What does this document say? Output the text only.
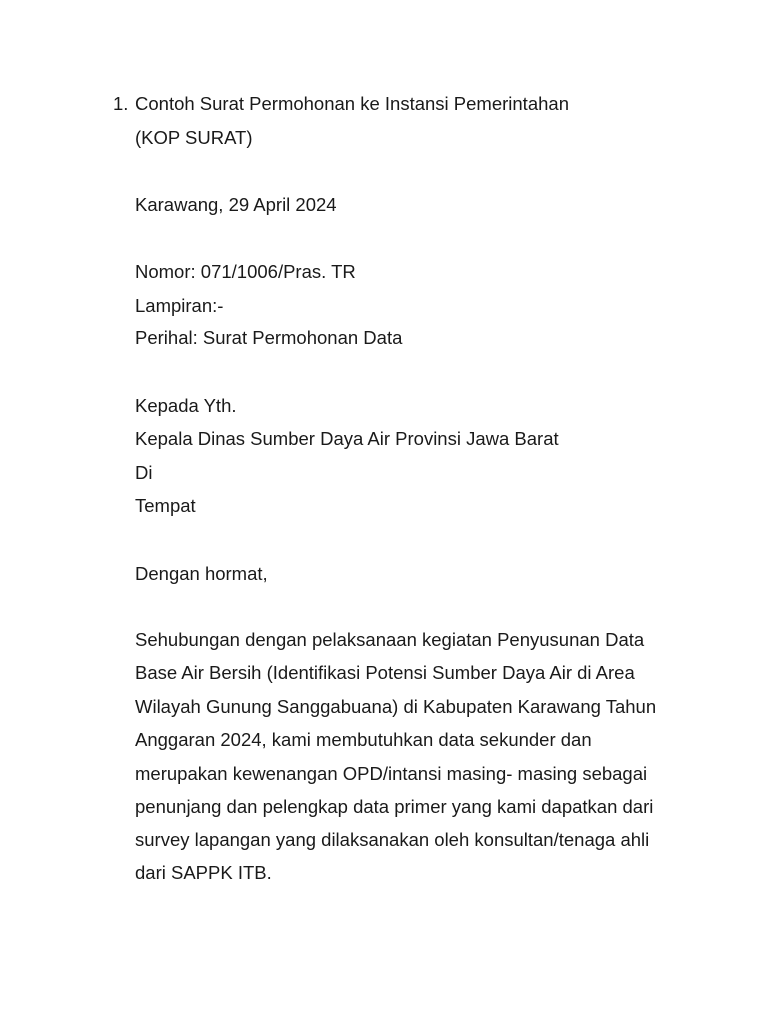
1. Contoh Surat Permohonan ke Instansi Pemerintahan
(KOP SURAT)
Karawang, 29 April 2024
Nomor: 071/1006/Pras. TR
Lampiran:-
Perihal: Surat Permohonan Data
Kepada Yth.
Kepala Dinas Sumber Daya Air Provinsi Jawa Barat
Di
Tempat
Dengan hormat,
Sehubungan dengan pelaksanaan kegiatan Penyusunan Data
Base Air Bersih (Identifikasi Potensi Sumber Daya Air di Area
Wilayah Gunung Sanggabuana) di Kabupaten Karawang Tahun
Anggaran 2024, kami membutuhkan data sekunder dan
merupakan kewenangan OPD/intansi masing- masing sebagai
penunjang dan pelengkap data primer yang kami dapatkan dari
survey lapangan yang dilaksanakan oleh konsultan/tenaga ahli
dari SAPPK ITB.
